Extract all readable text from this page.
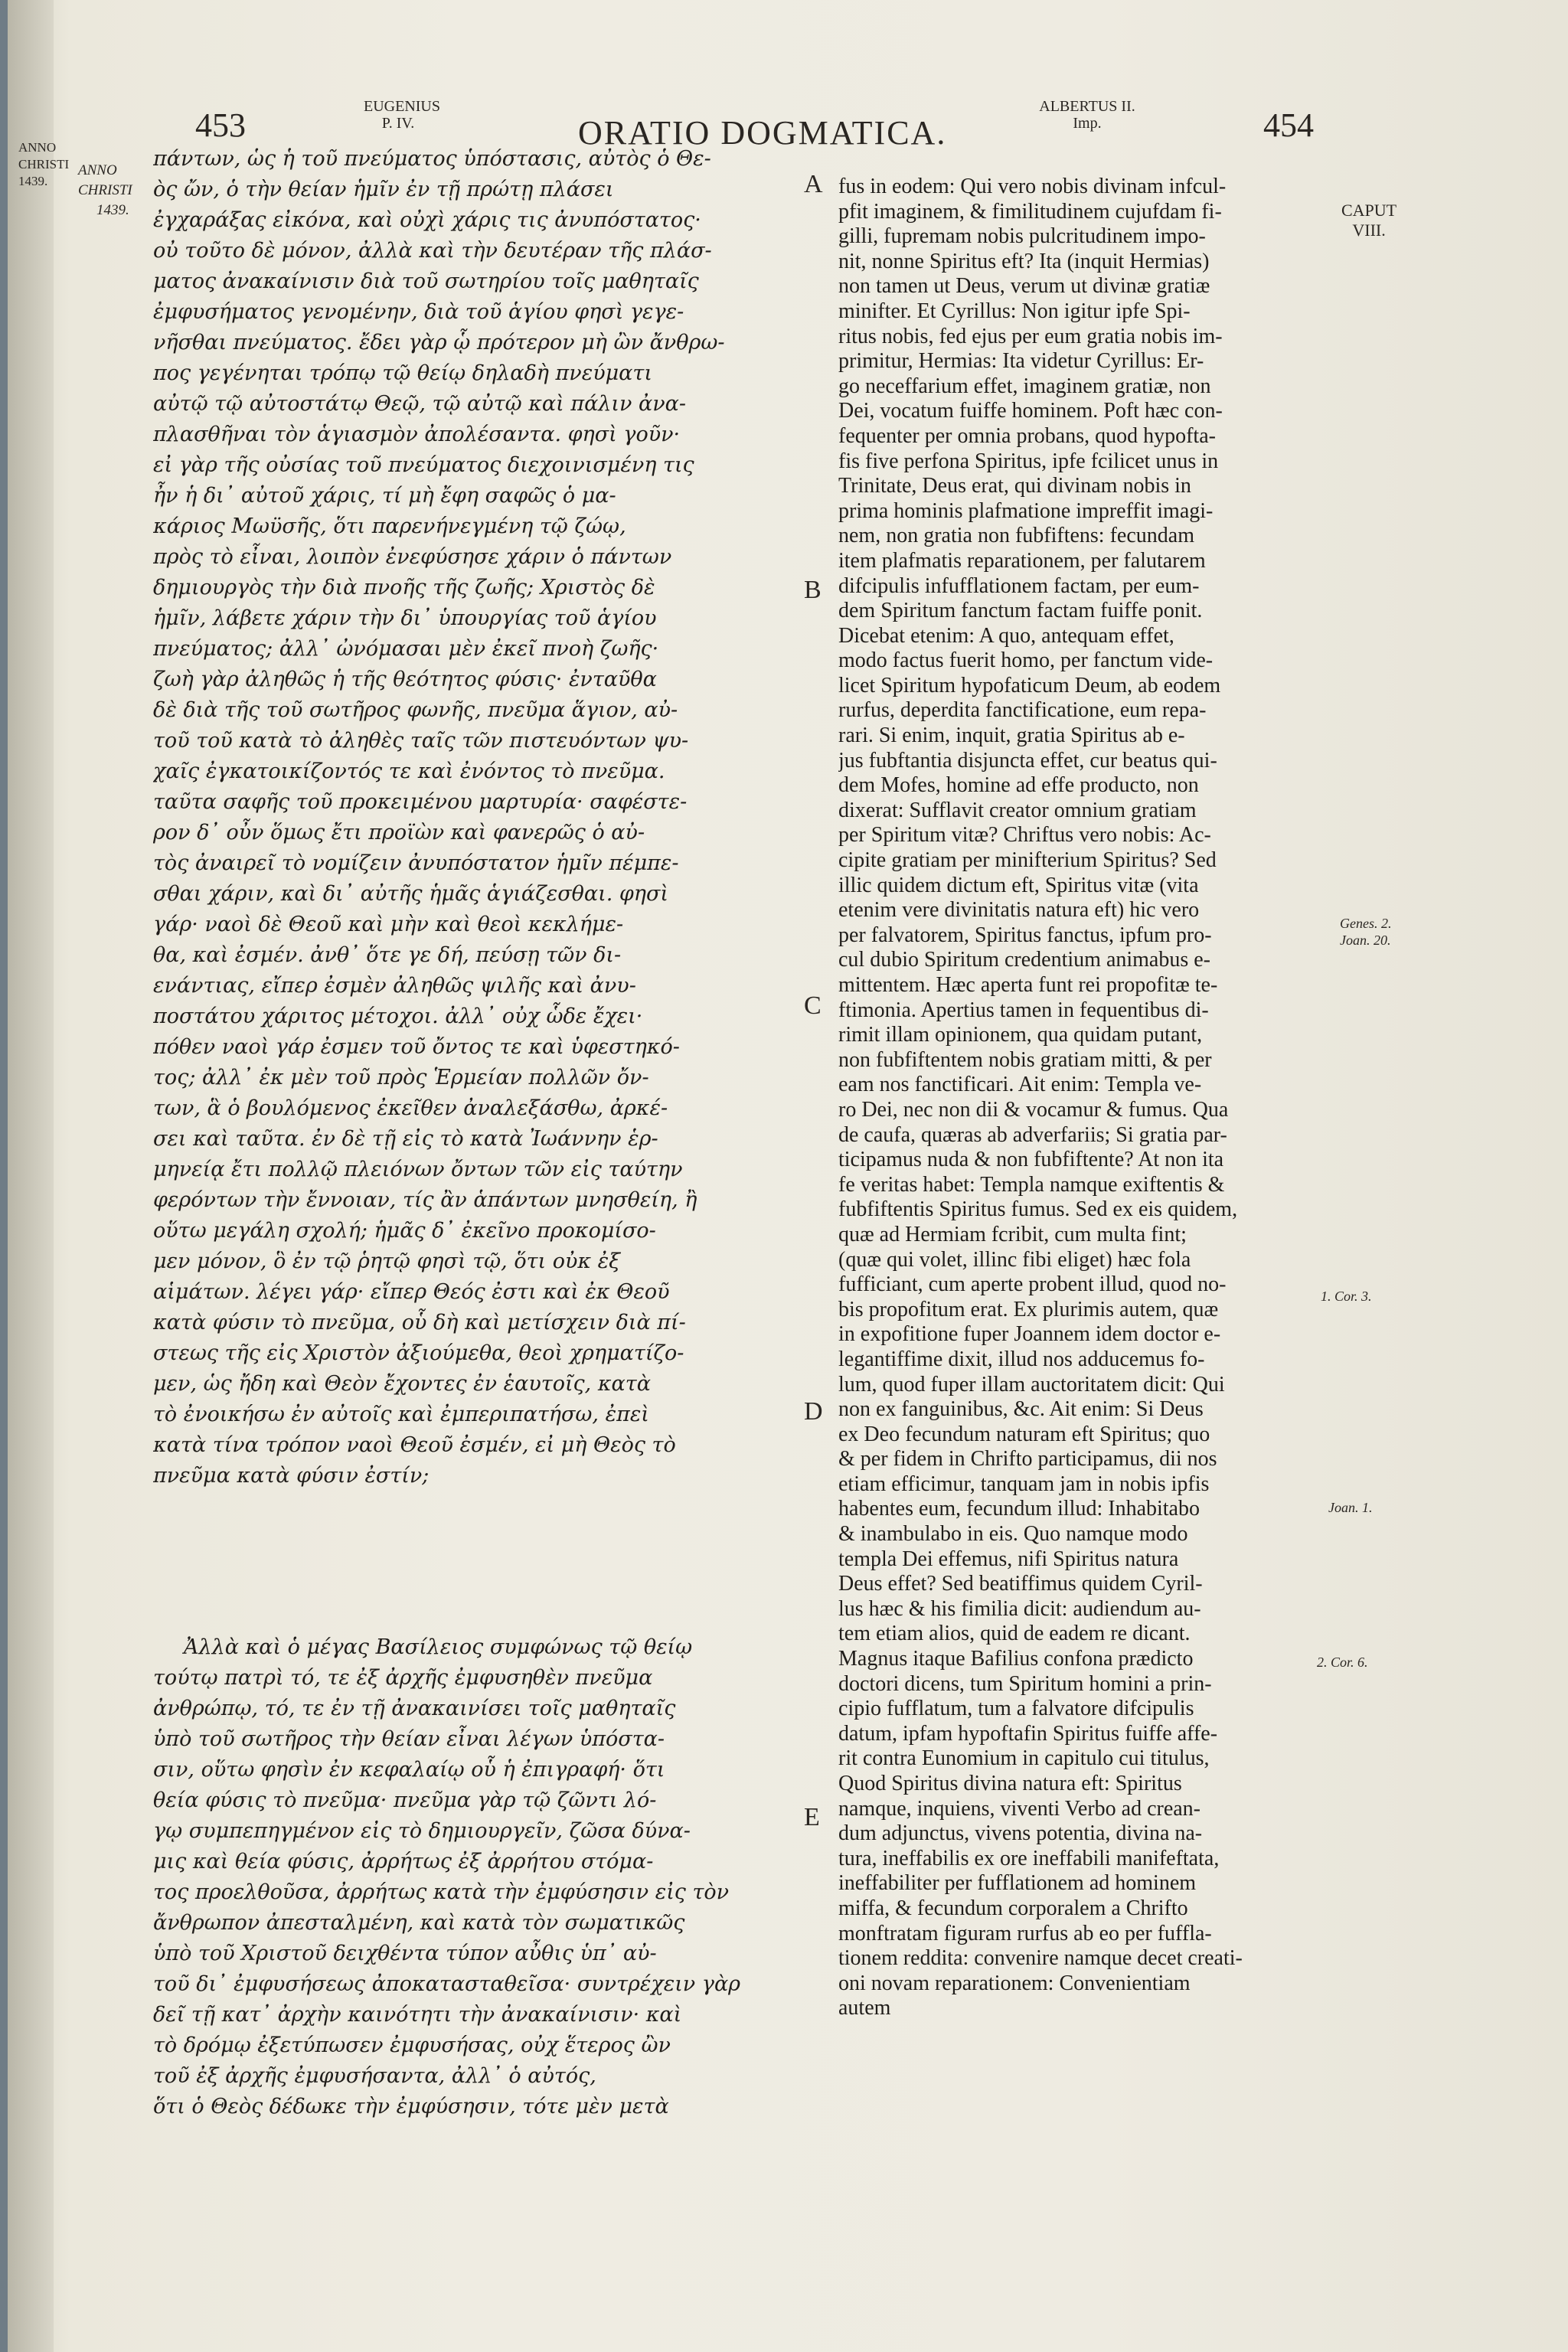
ANNO
CHRISTI
1439.
453	EUGENIUS
P. IV.	ORATIO DOGMATICA.
ALBERTUS II.
Imp.	454
ANNO
CHRISTI
1439.	CAPUT
VIII.
Genes. 2.
Joan. 20.
1. Cor. 3.
Joan. 1.
2. Cor. 6.
A
B
C
D
E
πάντων, ὡς ἡ τοῦ πνεύματος ὑπόστασις, αὐτὸς ὁ Θε-
ὸς ὤν, ὁ τὴν θείαν ἡμῖν ἐν τῇ πρώτῃ πλάσει
ἐγχαράξας εἰκόνα, καὶ οὐχὶ χάρις τις ἀνυπόστατος·
οὐ τοῦτο δὲ μόνον, ἀλλὰ καὶ τὴν δευτέραν τῆς πλάσ-
ματος ἀνακαίνισιν διὰ τοῦ σωτηρίου τοῖς μαθηταῖς
ἐμφυσήματος γενομένην, διὰ τοῦ ἁγίου φησὶ γεγε-
νῆσθαι πνεύματος. ἔδει γὰρ ᾧ πρότερον μὴ ὢν ἄνθρω-
πος γεγένηται τρόπῳ τῷ θείῳ δηλαδὴ πνεύματι
αὐτῷ τῷ αὐτοστάτῳ Θεῷ, τῷ αὐτῷ καὶ πάλιν ἀνα-
πλασθῆναι τὸν ἁγιασμὸν ἀπολέσαντα. φησὶ γοῦν·
εἰ γὰρ τῆς οὐσίας τοῦ πνεύματος διεχοινισμένη τις
ἦν ἡ δι᾽ αὐτοῦ χάρις, τί μὴ ἔφη σαφῶς ὁ μα-
κάριος Μωϋσῆς, ὅτι παρενήνεγμένη τῷ ζώῳ,
πρὸς τὸ εἶναι, λοιπὸν ἐνεφύσησε χάριν ὁ πάντων
δημιουργὸς τὴν διὰ πνοῆς τῆς ζωῆς; Χριστὸς δὲ
ἡμῖν, λάβετε χάριν τὴν δι᾽ ὑπουργίας τοῦ ἁγίου
πνεύματος; ἀλλ᾽ ὠνόμασαι μὲν ἐκεῖ πνοὴ ζωῆς·
ζωὴ γὰρ ἀληθῶς ἡ τῆς θεότητος φύσις· ἐνταῦθα
δὲ διὰ τῆς τοῦ σωτῆρος φωνῆς, πνεῦμα ἅγιον, αὐ-
τοῦ τοῦ κατὰ τὸ ἀληθὲς ταῖς τῶν πιστευόντων ψυ-
χαῖς ἐγκατοικίζοντός τε καὶ ἐνόντος τὸ πνεῦμα.
ταῦτα σαφῆς τοῦ προκειμένου μαρτυρία· σαφέστε-
ρον δ᾽ οὖν ὅμως ἔτι προϊὼν καὶ φανερῶς ὁ αὐ-
τὸς ἀναιρεῖ τὸ νομίζειν ἀνυπόστατον ἡμῖν πέμπε-
σθαι χάριν, καὶ δι᾽ αὐτῆς ἡμᾶς ἁγιάζεσθαι. φησὶ
γάρ· ναοὶ δὲ Θεοῦ καὶ μὴν καὶ θεοὶ κεκλήμε-
θα, καὶ ἐσμέν. ἀνθ᾽ ὅτε γε δή, πεύσῃ τῶν δι-
ενάντιας, εἴπερ ἐσμὲν ἀληθῶς ψιλῆς καὶ ἀνυ-
ποστάτου χάριτος μέτοχοι. ἀλλ᾽ οὐχ ὧδε ἔχει·
πόθεν ναοὶ γάρ ἐσμεν τοῦ ὄντος τε καὶ ὑφεστηκό-
τος; ἀλλ᾽ ἐκ μὲν τοῦ πρὸς Ἑρμείαν πολλῶν ὄν-
των, ἃ ὁ βουλόμενος ἐκεῖθεν ἀναλεξάσθω, ἀρκέ-
σει καὶ ταῦτα. ἐν δὲ τῇ εἰς τὸ κατὰ Ἰωάννην ἑρ-
μηνείᾳ ἔτι πολλῷ πλειόνων ὄντων τῶν εἰς ταύτην
φερόντων τὴν ἔννοιαν, τίς ἂν ἁπάντων μνησθείη, ἢ
οὕτω μεγάλη σχολή; ἡμᾶς δ᾽ ἐκεῖνο προκομίσο-
μεν μόνον, ὃ ἐν τῷ ῥητῷ φησὶ τῷ, ὅτι οὐκ ἐξ
αἱμάτων. λέγει γάρ· εἴπερ Θεός ἐστι καὶ ἐκ Θεοῦ
κατὰ φύσιν τὸ πνεῦμα, οὗ δὴ καὶ μετίσχειν διὰ πί-
στεως τῆς εἰς Χριστὸν ἀξιούμεθα, θεοὶ χρηματίζο-
μεν, ὡς ἤδη καὶ Θεὸν ἔχοντες ἐν ἑαυτοῖς, κατὰ
τὸ ἐνοικήσω ἐν αὐτοῖς καὶ ἐμπεριπατήσω, ἐπεὶ
κατὰ τίνα τρόπον ναοὶ Θεοῦ ἐσμέν, εἰ μὴ Θεὸς τὸ
πνεῦμα κατὰ φύσιν ἐστίν;
Ἀλλὰ καὶ ὁ μέγας Βασίλειος συμφώνως τῷ θείῳ
τούτῳ πατρὶ τό, τε ἐξ ἀρχῆς ἐμφυσηθὲν πνεῦμα
ἀνθρώπῳ, τό, τε ἐν τῇ ἀνακαινίσει τοῖς μαθηταῖς
ὑπὸ τοῦ σωτῆρος τὴν θείαν εἶναι λέγων ὑπόστα-
σιν, οὕτω φησὶν ἐν κεφαλαίῳ οὗ ἡ ἐπιγραφή· ὅτι
θεία φύσις τὸ πνεῦμα· πνεῦμα γὰρ τῷ ζῶντι λό-
γῳ συμπεπηγμένον εἰς τὸ δημιουργεῖν, ζῶσα δύνα-
μις καὶ θεία φύσις, ἀρρήτως ἐξ ἀρρήτου στόμα-
τος προελθοῦσα, ἀρρήτως κατὰ τὴν ἐμφύσησιν εἰς τὸν
ἄνθρωπον ἀπεσταλμένη, καὶ κατὰ τὸν σωματικῶς
ὑπὸ τοῦ Χριστοῦ δειχθέντα τύπον αὖθις ὑπ᾽ αὐ-
τοῦ δι᾽ ἐμφυσήσεως ἀποκατασταθεῖσα· συντρέχειν γὰρ
δεῖ τῇ κατ᾽ ἀρχὴν καινότητι τὴν ἀνακαίνισιν· καὶ
τὸ δρόμῳ ἐξετύπωσεν ἐμφυσήσας, οὐχ ἕτερος ὢν
τοῦ ἐξ ἀρχῆς ἐμφυσήσαντα, ἀλλ᾽ ὁ αὐτός,
ὅτι ὁ Θεὸς δέδωκε τὴν ἐμφύσησιν, τότε μὲν μετὰ
fus in eodem: Qui vero nobis divinam infcul-
pfit imaginem, & fimilitudinem cujufdam fi-
gilli, fupremam nobis pulcritudinem impo-
nit, nonne Spiritus eft? Ita (inquit Hermias)
non tamen ut Deus, verum ut divinæ gratiæ
minifter. Et Cyrillus: Non igitur ipfe Spi-
ritus nobis, fed ejus per eum gratia nobis im-
primitur, Hermias: Ita videtur Cyrillus: Er-
go neceffarium effet, imaginem gratiæ, non
Dei, vocatum fuiffe hominem. Poft hæc con-
fequenter per omnia probans, quod hypofta-
fis five perfona Spiritus, ipfe fcilicet unus in
Trinitate, Deus erat, qui divinam nobis in
prima hominis plafmatione impreffit imagi-
nem, non gratia non fubfiftens: fecundam
item plafmatis reparationem, per falutarem
difcipulis infufflationem factam, per eum-
dem Spiritum fanctum factam fuiffe ponit.
Dicebat etenim: A quo, antequam effet,
modo factus fuerit homo, per fanctum vide-
licet Spiritum hypofaticum Deum, ab eodem
rurfus, deperdita fanctificatione, eum repa-
rari. Si enim, inquit, gratia Spiritus ab e-
jus fubftantia disjuncta effet, cur beatus qui-
dem Mofes, homine ad effe producto, non
dixerat: Sufflavit creator omnium gratiam
per Spiritum vitæ? Chriftus vero nobis: Ac-
cipite gratiam per minifterium Spiritus? Sed
illic quidem dictum eft, Spiritus vitæ (vita
etenim vere divinitatis natura eft) hic vero
per falvatorem, Spiritus fanctus, ipfum pro-
cul dubio Spiritum credentium animabus e-
mittentem. Hæc aperta funt rei propofitæ te-
ftimonia. Apertius tamen in fequentibus di-
rimit illam opinionem, qua quidam putant,
non fubfiftentem nobis gratiam mitti, & per
eam nos fanctificari. Ait enim: Templa ve-
ro Dei, nec non dii & vocamur & fumus. Qua
de caufa, quæras ab adverfariis; Si gratia par-
ticipamus nuda & non fubfiftente? At non ita
fe veritas habet: Templa namque exiftentis &
fubfiftentis Spiritus fumus. Sed ex eis quidem,
quæ ad Hermiam fcribit, cum multa fint;
(quæ qui volet, illinc fibi eliget) hæc fola
fufficiant, cum aperte probent illud, quod no-
bis propofitum erat. Ex plurimis autem, quæ
in expofitione fuper Joannem idem doctor e-
legantiffime dixit, illud nos adducemus fo-
lum, quod fuper illam auctoritatem dicit: Qui
non ex fanguinibus, &c. Ait enim: Si Deus
ex Deo fecundum naturam eft Spiritus; quo
& per fidem in Chrifto participamus, dii nos
etiam efficimur, tanquam jam in nobis ipfis
habentes eum, fecundum illud: Inhabitabo
& inambulabo in eis. Quo namque modo
templa Dei effemus, nifi Spiritus natura
Deus effet? Sed beatiffimus quidem Cyril-
lus hæc & his fimilia dicit: audiendum au-
tem etiam alios, quid de eadem re dicant.
Magnus itaque Bafilius confona prædicto
doctori dicens, tum Spiritum homini a prin-
cipio fufflatum, tum a falvatore difcipulis
datum, ipfam hypoftafin Spiritus fuiffe affe-
rit contra Eunomium in capitulo cui titulus,
Quod Spiritus divina natura eft: Spiritus
namque, inquiens, viventi Verbo ad crean-
dum adjunctus, vivens potentia, divina na-
tura, ineffabilis ex ore ineffabili manifeftata,
ineffabiliter per fufflationem ad hominem
miffa, & fecundum corporalem a Chrifto
monftratam figuram rurfus ab eo per fuffla-
tionem reddita: convenire namque decet creati-
oni novam reparationem: Convenientiam
autem
